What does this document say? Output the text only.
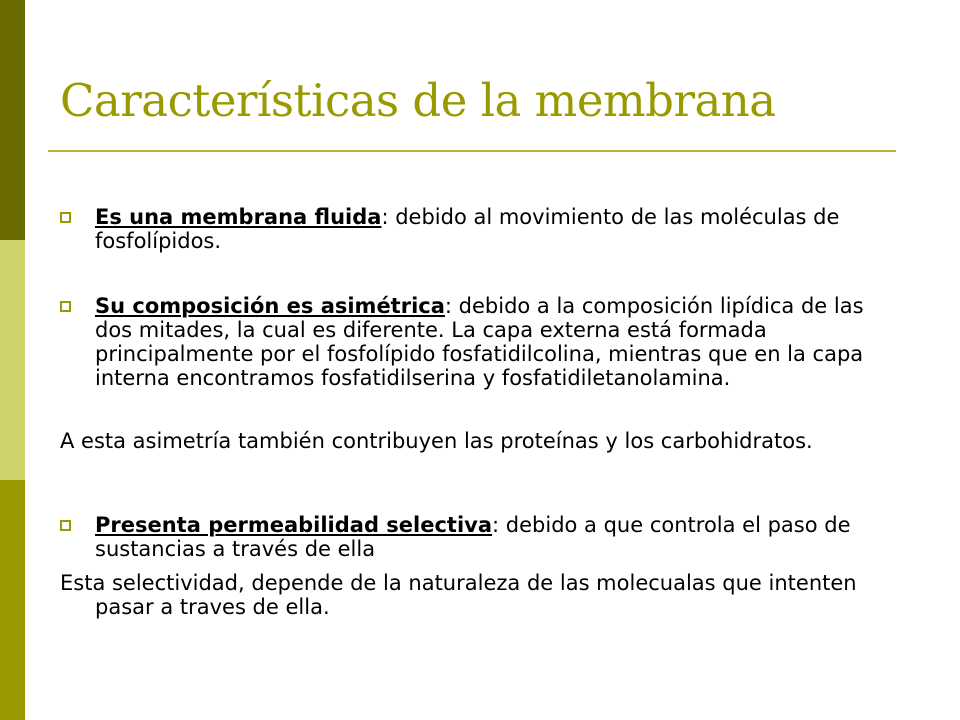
Características de la membrana

Es una membrana fluida: debido al movimiento de las moléculas de fosfolípidos.

Su composición es asimétrica: debido a la composición lipídica de las dos mitades, la cual es diferente. La capa externa está formada principalmente por el fosfolípido fosfatidilcolina, mientras que en la capa interna encontramos fosfatidilserina y fosfatidiletanolamina.

A esta asimetría también contribuyen las proteínas y los carbohidratos.

Presenta permeabilidad selectiva: debido a que controla el paso de sustancias a través de ella

Esta selectividad, depende de la naturaleza de las molecualas que intenten pasar a traves de ella.
